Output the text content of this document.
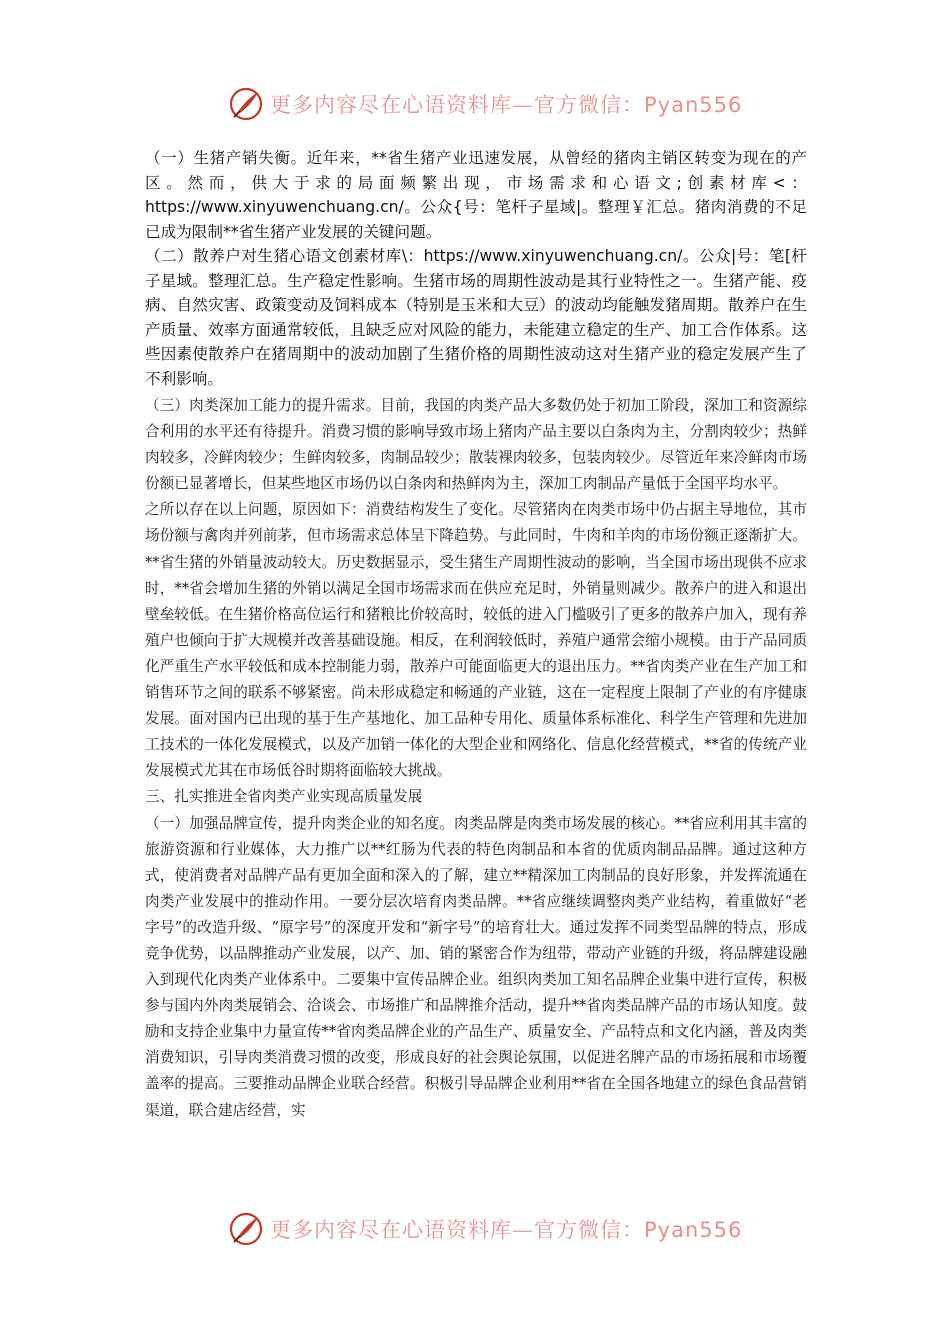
更多内容尽在心语资料库—官方微信：Pyan556

（一）生猪产销失衡。近年来，**省生猪产业迅速发展，从曾经的猪肉主销区转变为现在的产区。然而，供大于求的局面频繁出现，市场需求和心语文;创素材库<：https://www.xinyuwenchuang.cn/。公众{号：笔杆子星域|。整理￥汇总。猪肉消费的不足已成为限制**省生猪产业发展的关键问题。

（二）散养户对生猪心语文创素材库\：https://www.xinyuwenchuang.cn/。公众|号：笔[杆子星域。整理汇总。生产稳定性影响。生猪市场的周期性波动是其行业特性之一。生猪产能、疫病、自然灾害、政策变动及饲料成本（特别是玉米和大豆）的波动均能触发猪周期。散养户在生产质量、效率方面通常较低，且缺乏应对风险的能力，未能建立稳定的生产、加工合作体系。这些因素使散养户在猪周期中的波动加剧了生猪价格的周期性波动这对生猪产业的稳定发展产生了不利影响。

（三）肉类深加工能力的提升需求。目前，我国的肉类产品大多数仍处于初加工阶段，深加工和资源综合利用的水平还有待提升。消费习惯的影响导致市场上猪肉产品主要以白条肉为主，分割肉较少；热鲜肉较多，冷鲜肉较少；生鲜肉较多，肉制品较少；散装裸肉较多，包装肉较少。尽管近年来冷鲜肉市场份额已显著增长，但某些地区市场仍以白条肉和热鲜肉为主，深加工肉制品产量低于全国平均水平。

之所以存在以上问题，原因如下：消费结构发生了变化。尽管猪肉在肉类市场中仍占据主导地位，其市场份额与禽肉并列前茅，但市场需求总体呈下降趋势。与此同时，牛肉和羊肉的市场份额正逐渐扩大。**省生猪的外销量波动较大。历史数据显示，受生猪生产周期性波动的影响，当全国市场出现供不应求时，**省会增加生猪的外销以满足全国市场需求而在供应充足时，外销量则减少。散养户的进入和退出壁垒较低。在生猪价格高位运行和猪粮比价较高时，较低的进入门槛吸引了更多的散养户加入，现有养殖户也倾向于扩大规模并改善基础设施。相反，在利润较低时，养殖户通常会缩小规模。由于产品同质化严重生产水平较低和成本控制能力弱，散养户可能面临更大的退出压力。**省肉类产业在生产加工和销售环节之间的联系不够紧密。尚未形成稳定和畅通的产业链，这在一定程度上限制了产业的有序健康发展。面对国内已出现的基于生产基地化、加工品种专用化、质量体系标准化、科学生产管理和先进加工技术的一体化发展模式，以及产加销一体化的大型企业和网络化、信息化经营模式，**省的传统产业发展模式尤其在市场低谷时期将面临较大挑战。

三、扎实推进全省肉类产业实现高质量发展

（一）加强品牌宣传，提升肉类企业的知名度。肉类品牌是肉类市场发展的核心。**省应利用其丰富的旅游资源和行业媒体，大力推广以**红肠为代表的特色肉制品和本省的优质肉制品品牌。通过这种方式，使消费者对品牌产品有更加全面和深入的了解，建立**精深加工肉制品的良好形象，并发挥流通在肉类产业发展中的推动作用。一要分层次培育肉类品牌。**省应继续调整肉类产业结构，着重做好“老字号”的改造升级、“原字号”的深度开发和“新字号”的培育壮大。通过发挥不同类型品牌的特点，形成竞争优势，以品牌推动产业发展，以产、加、销的紧密合作为纽带，带动产业链的升级，将品牌建设融入到现代化肉类产业体系中。二要集中宣传品牌企业。组织肉类加工知名品牌企业集中进行宣传，积极参与国内外肉类展销会、洽谈会、市场推广和品牌推介活动，提升**省肉类品牌产品的市场认知度。鼓励和支持企业集中力量宣传**省肉类品牌企业的产品生产、质量安全、产品特点和文化内涵，普及肉类消费知识，引导肉类消费习惯的改变，形成良好的社会舆论氛围，以促进名牌产品的市场拓展和市场覆盖率的提高。三要推动品牌企业联合经营。积极引导品牌企业利用**省在全国各地建立的绿色食品营销渠道，联合建店经营，实

更多内容尽在心语资料库—官方微信：Pyan556
